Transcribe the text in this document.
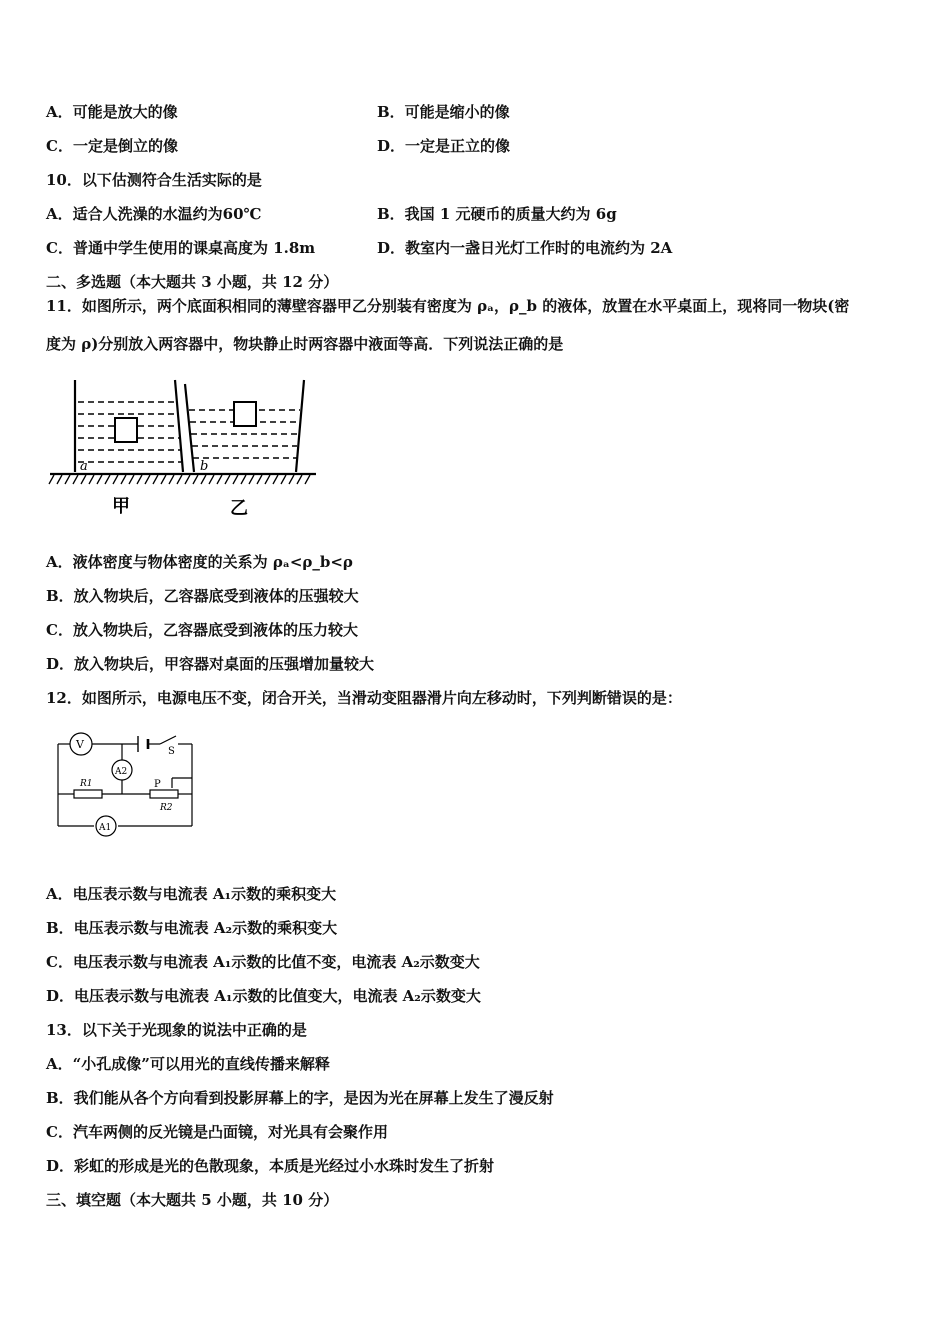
A．可能是放大的像	B．可能是缩小的像
C．一定是倒立的像	D．一定是正立的像
10．以下估测符合生活实际的是
A．适合人洗澡的水温约为60℃	B．我国 1 元硬币的质量大约为 6g
C．普通中学生使用的课桌高度为 1.8m	D．教室内一盏日光灯工作时的电流约为 2A
二、多选题（本大题共 3 小题，共 12 分）
11．如图所示，两个底面积相同的薄壁容器甲乙分别装有密度为 ρₐ，ρ_b 的液体，放置在水平桌面上，现将同一物块(密
度为 ρ)分别放入两容器中，物块静止时两容器中液面等高．下列说法正确的是
a	b
甲	乙
A．液体密度与物体密度的关系为 ρₐ<ρ_b<ρ
B．放入物块后，乙容器底受到液体的压强较大
C．放入物块后，乙容器底受到液体的压力较大
D．放入物块后，甲容器对桌面的压强增加量较大
12．如图所示，电源电压不变，闭合开关，当滑动变阻器滑片向左移动时，下列判断错误的是：
V
A2
S
R1	P
R2
A1
A．电压表示数与电流表 A₁示数的乘积变大
B．电压表示数与电流表 A₂示数的乘积变大
C．电压表示数与电流表 A₁示数的比值不变，电流表 A₂示数变大
D．电压表示数与电流表 A₁示数的比值变大，电流表 A₂示数变大
13．以下关于光现象的说法中正确的是
A．“小孔成像”可以用光的直线传播来解释
B．我们能从各个方向看到投影屏幕上的字，是因为光在屏幕上发生了漫反射
C．汽车两侧的反光镜是凸面镜，对光具有会聚作用
D．彩虹的形成是光的色散现象，本质是光经过小水珠时发生了折射
三、填空题（本大题共 5 小题，共 10 分）
